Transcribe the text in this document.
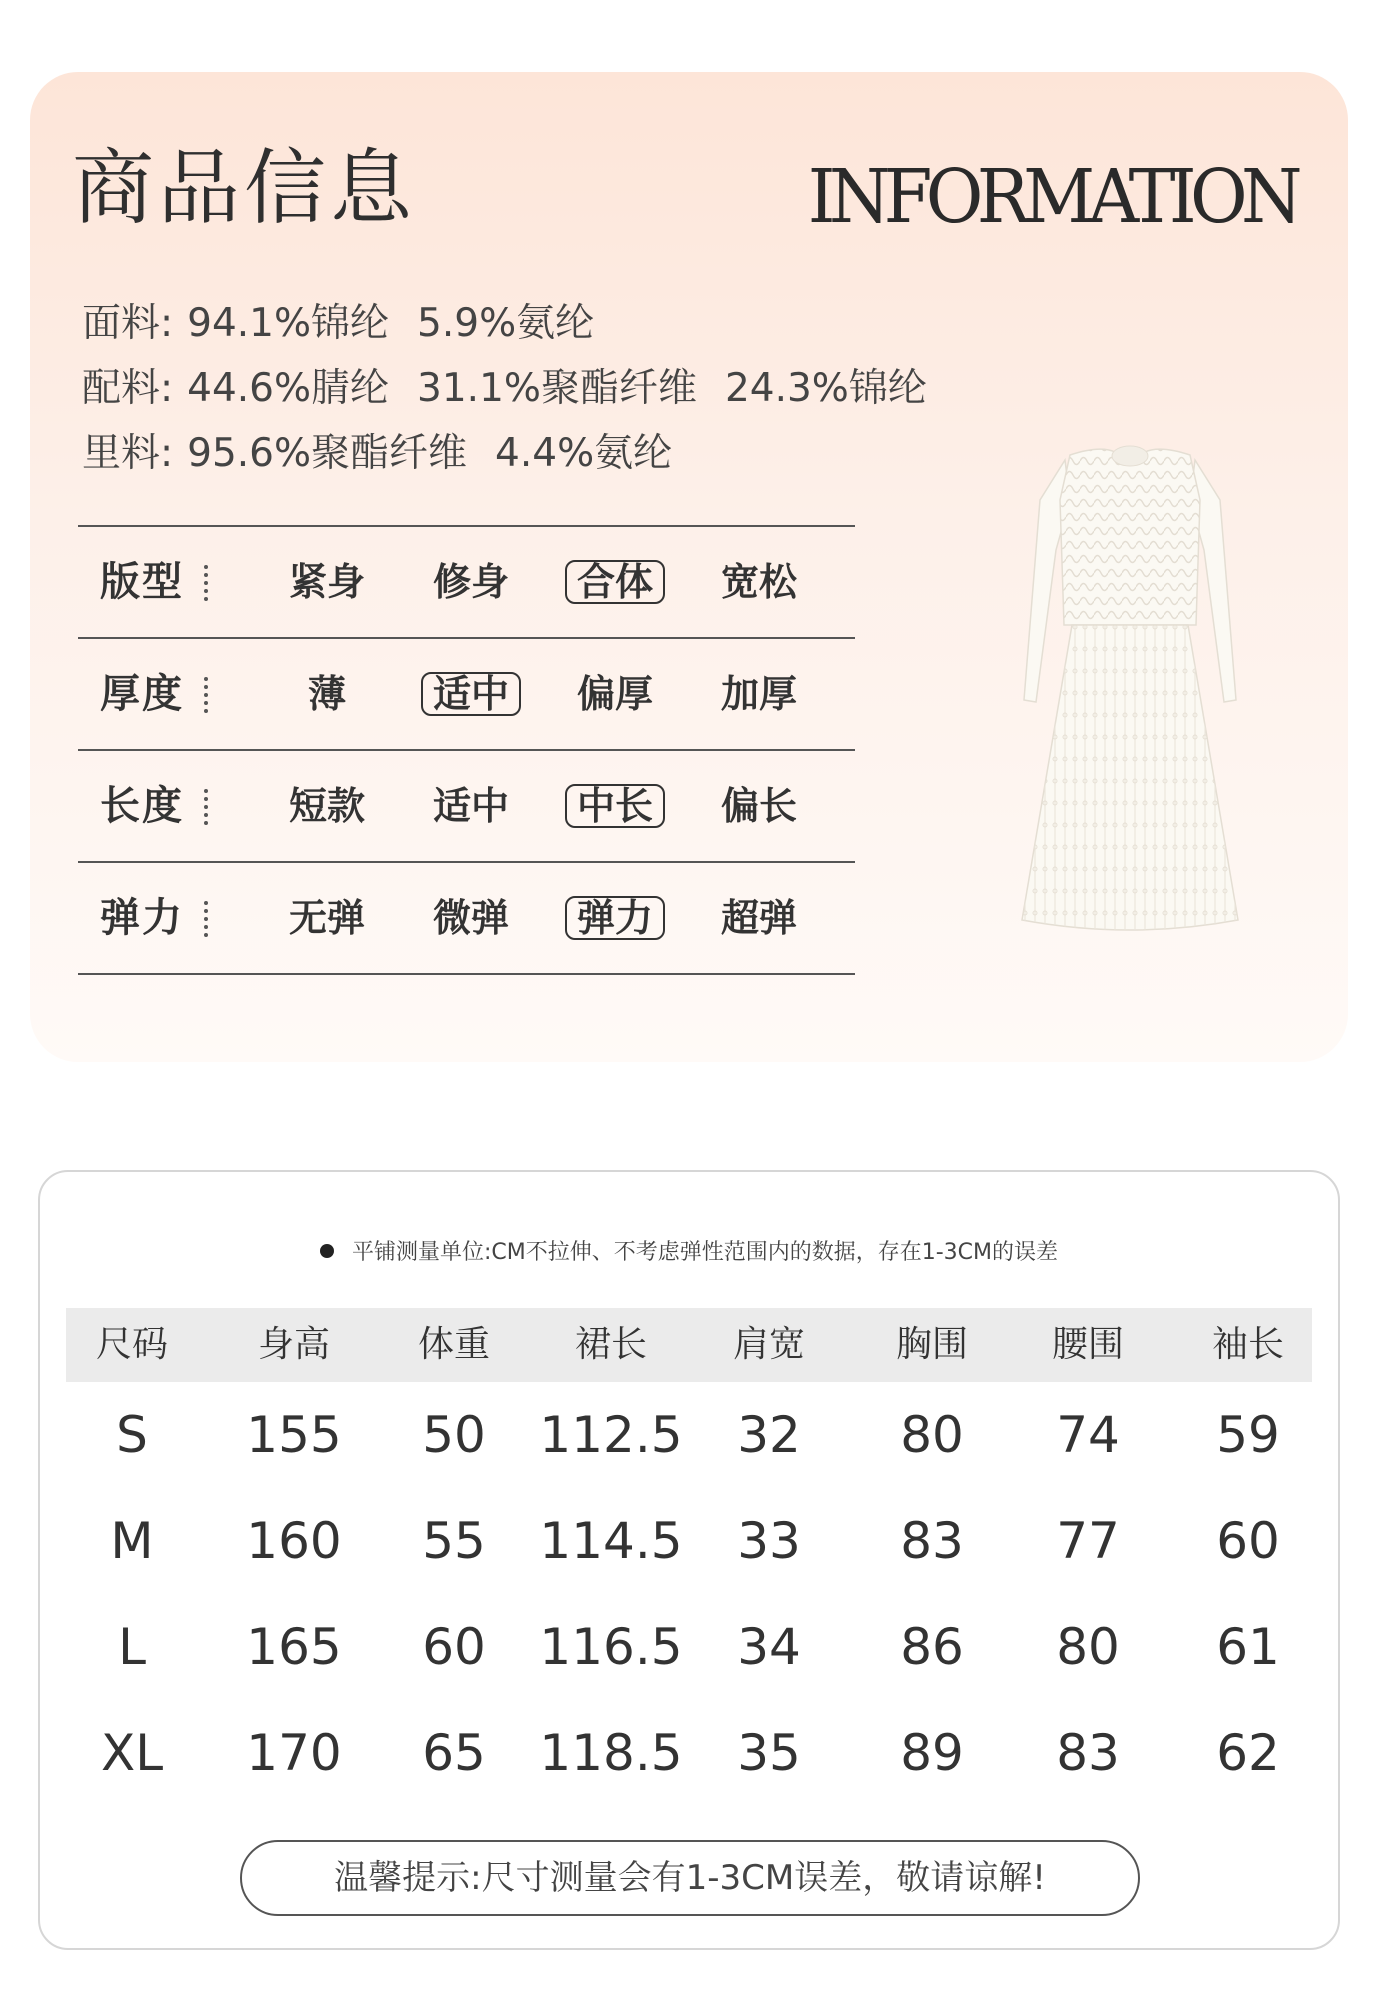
商品信息	INFORMATION
面料: 94.1%锦纶 5.9%氨纶
配料: 44.6%腈纶 31.1%聚酯纤维 24.3%锦纶
里料: 95.6%聚酯纤维 4.4%氨纶
版型	紧身	修身	合体	宽松
厚度	薄	适中	偏厚	加厚
长度	短款	适中	中长	偏长
弹力	无弹	微弹	弹力	超弹
平铺测量单位:CM不拉伸、不考虑弹性范围内的数据，存在1-3CM的误差
尺码	身高	体重	裙长	肩宽	胸围	腰围	袖长
S	155	50	112.5	32	80	74	59
M	160	55	114.5	33	83	77	60
L	165	60	116.5	34	86	80	61
XL	170	65	118.5	35	89	83	62
温馨提示:尺寸测量会有1-3CM误差，敬请谅解!
